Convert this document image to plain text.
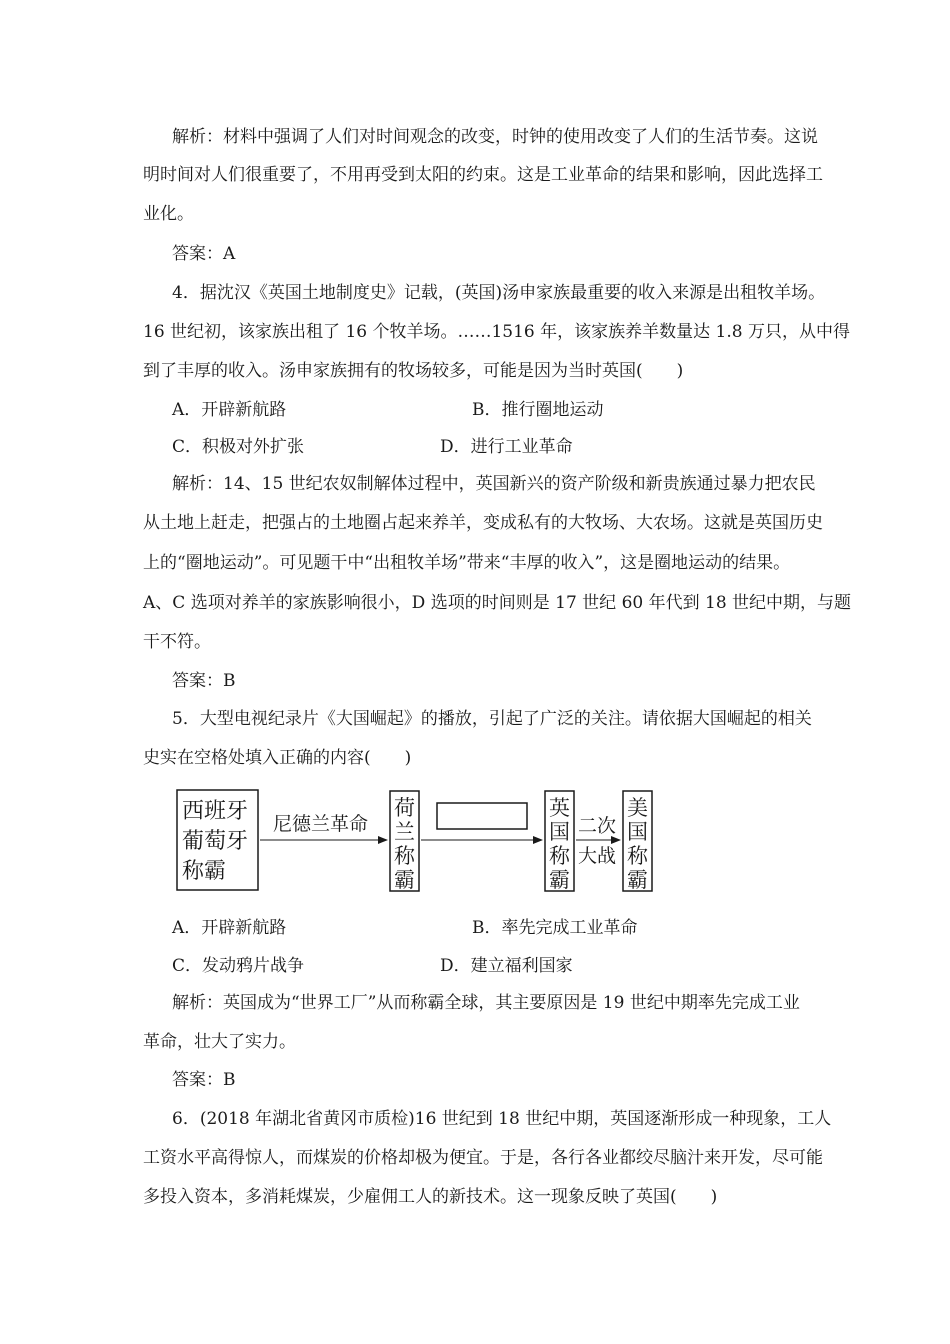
解析：材料中强调了人们对时间观念的改变，时钟的使用改变了人们的生活节奏。这说
明时间对人们很重要了，不用再受到太阳的约束。这是工业革命的结果和影响，因此选择工
业化。
答案：A
4．据沈汉《英国土地制度史》记载，(英国)汤申家族最重要的收入来源是出租牧羊场。
16 世纪初，该家族出租了 16 个牧羊场。……1516 年，该家族养羊数量达 1.8 万只，从中得
到了丰厚的收入。汤申家族拥有的牧场较多，可能是因为当时英国(　　)
A．开辟新航路	B．推行圈地运动
C．积极对外扩张	D．进行工业革命
解析：14、15 世纪农奴制解体过程中，英国新兴的资产阶级和新贵族通过暴力把农民
从土地上赶走，把强占的土地圈占起来养羊，变成私有的大牧场、大农场。这就是英国历史
上的“圈地运动”。可见题干中“出租牧羊场”带来“丰厚的收入”，这是圈地运动的结果。
A、C 选项对养羊的家族影响很小，D 选项的时间则是 17 世纪 60 年代到 18 世纪中期，与题
干不符。
答案：B
5．大型电视纪录片《大国崛起》的播放，引起了广泛的关注。请依据大国崛起的相关
史实在空格处填入正确的内容(　　)
西班牙
葡萄牙
称霸
尼德兰革命
荷
兰
称
霸
英
国
称
霸
二次
大战
美
国
称
霸
A．开辟新航路	B．率先完成工业革命
C．发动鸦片战争	D．建立福利国家
解析：英国成为“世界工厂”从而称霸全球，其主要原因是 19 世纪中期率先完成工业
革命，壮大了实力。
答案：B
6．(2018 年湖北省黄冈市质检)16 世纪到 18 世纪中期，英国逐渐形成一种现象，工人
工资水平高得惊人，而煤炭的价格却极为便宜。于是，各行各业都绞尽脑汁来开发，尽可能
多投入资本，多消耗煤炭，少雇佣工人的新技术。这一现象反映了英国(　　)
